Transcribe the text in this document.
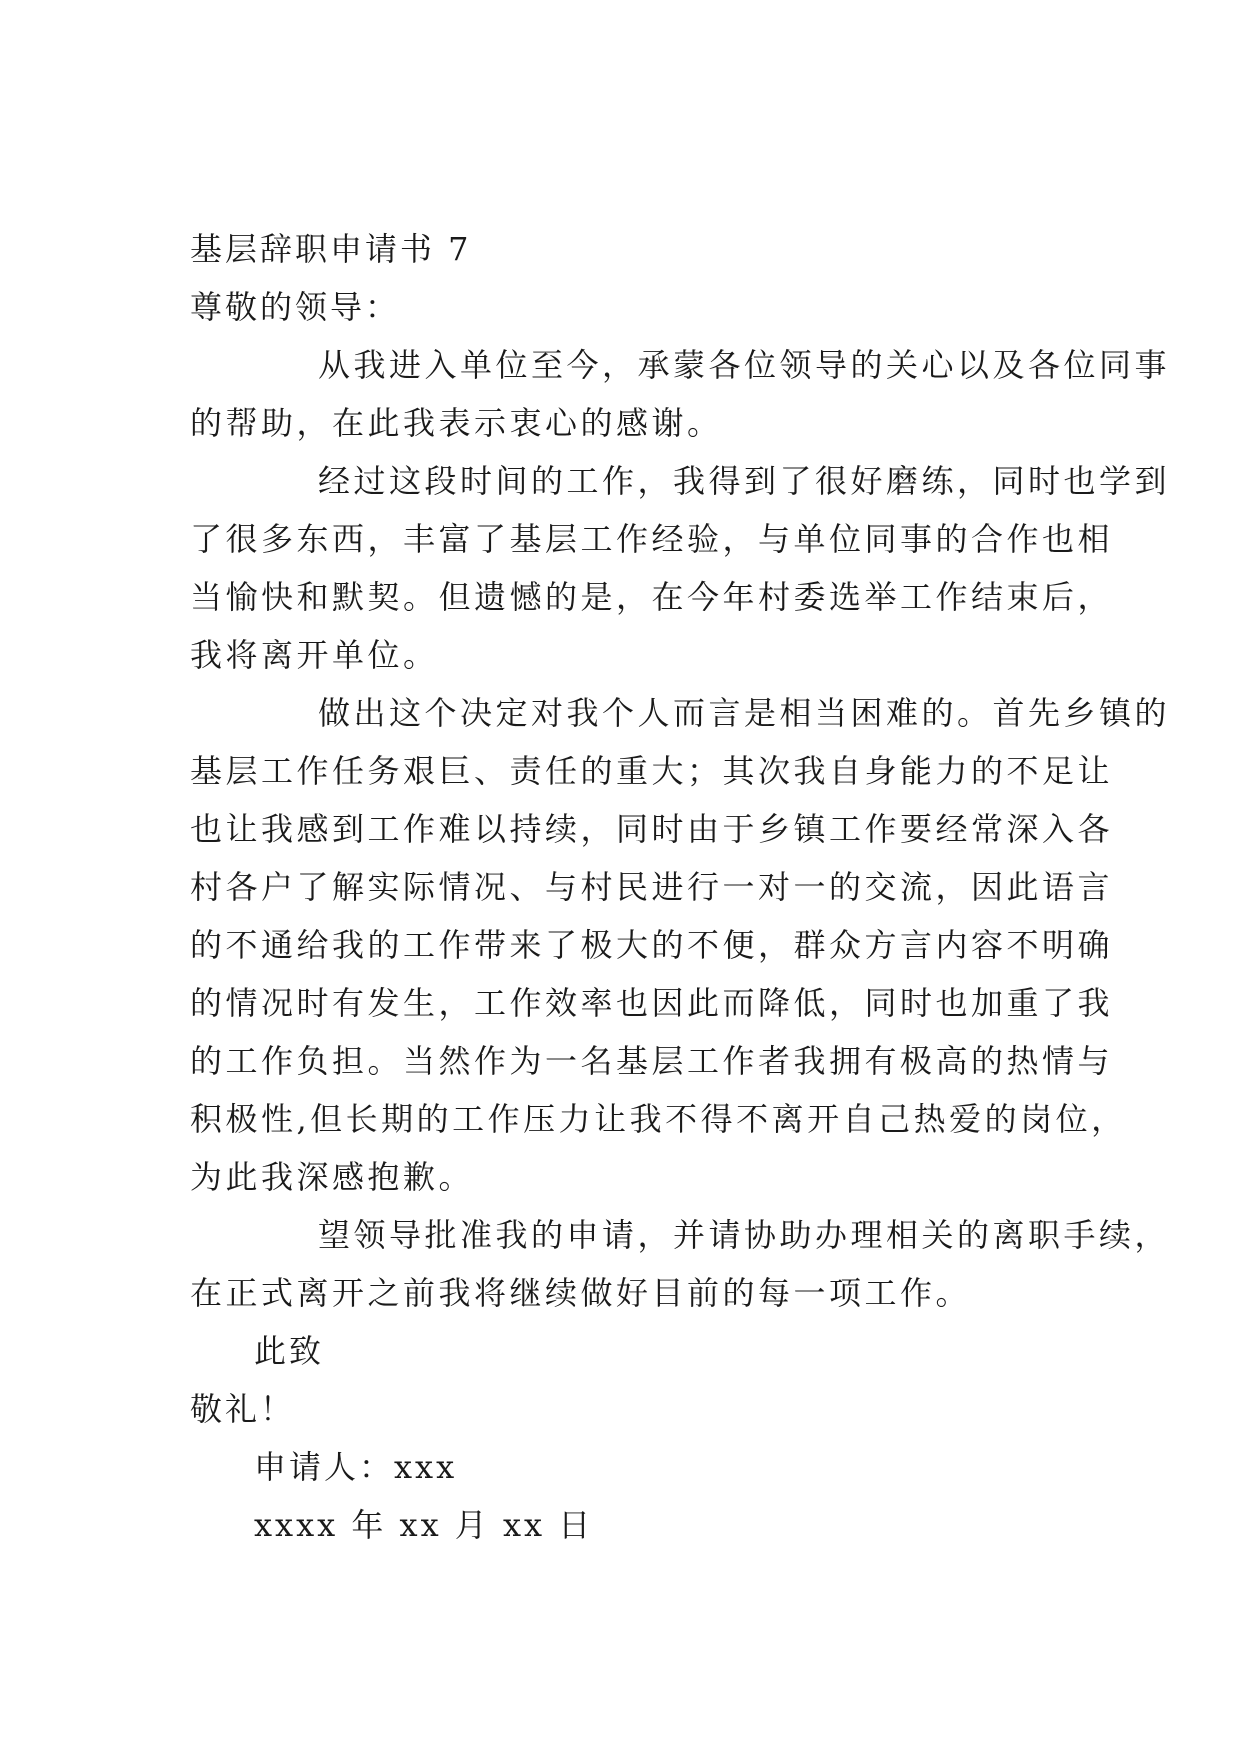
基层辞职申请书 7
尊敬的领导：
从我进入单位至今，承蒙各位领导的关心以及各位同事
的帮助，在此我表示衷心的感谢。
经过这段时间的工作，我得到了很好磨练，同时也学到
了很多东西，丰富了基层工作经验，与单位同事的合作也相
当愉快和默契。但遗憾的是，在今年村委选举工作结束后，
我将离开单位。
做出这个决定对我个人而言是相当困难的。首先乡镇的
基层工作任务艰巨、责任的重大；其次我自身能力的不足让
也让我感到工作难以持续，同时由于乡镇工作要经常深入各
村各户了解实际情况、与村民进行一对一的交流，因此语言
的不通给我的工作带来了极大的不便，群众方言内容不明确
的情况时有发生，工作效率也因此而降低，同时也加重了我
的工作负担。当然作为一名基层工作者我拥有极高的热情与
积极性,但长期的工作压力让我不得不离开自己热爱的岗位，
为此我深感抱歉。
望领导批准我的申请，并请协助办理相关的离职手续，
在正式离开之前我将继续做好目前的每一项工作。
此致
敬礼！
申请人：xxx
xxxx 年 xx 月 xx 日
